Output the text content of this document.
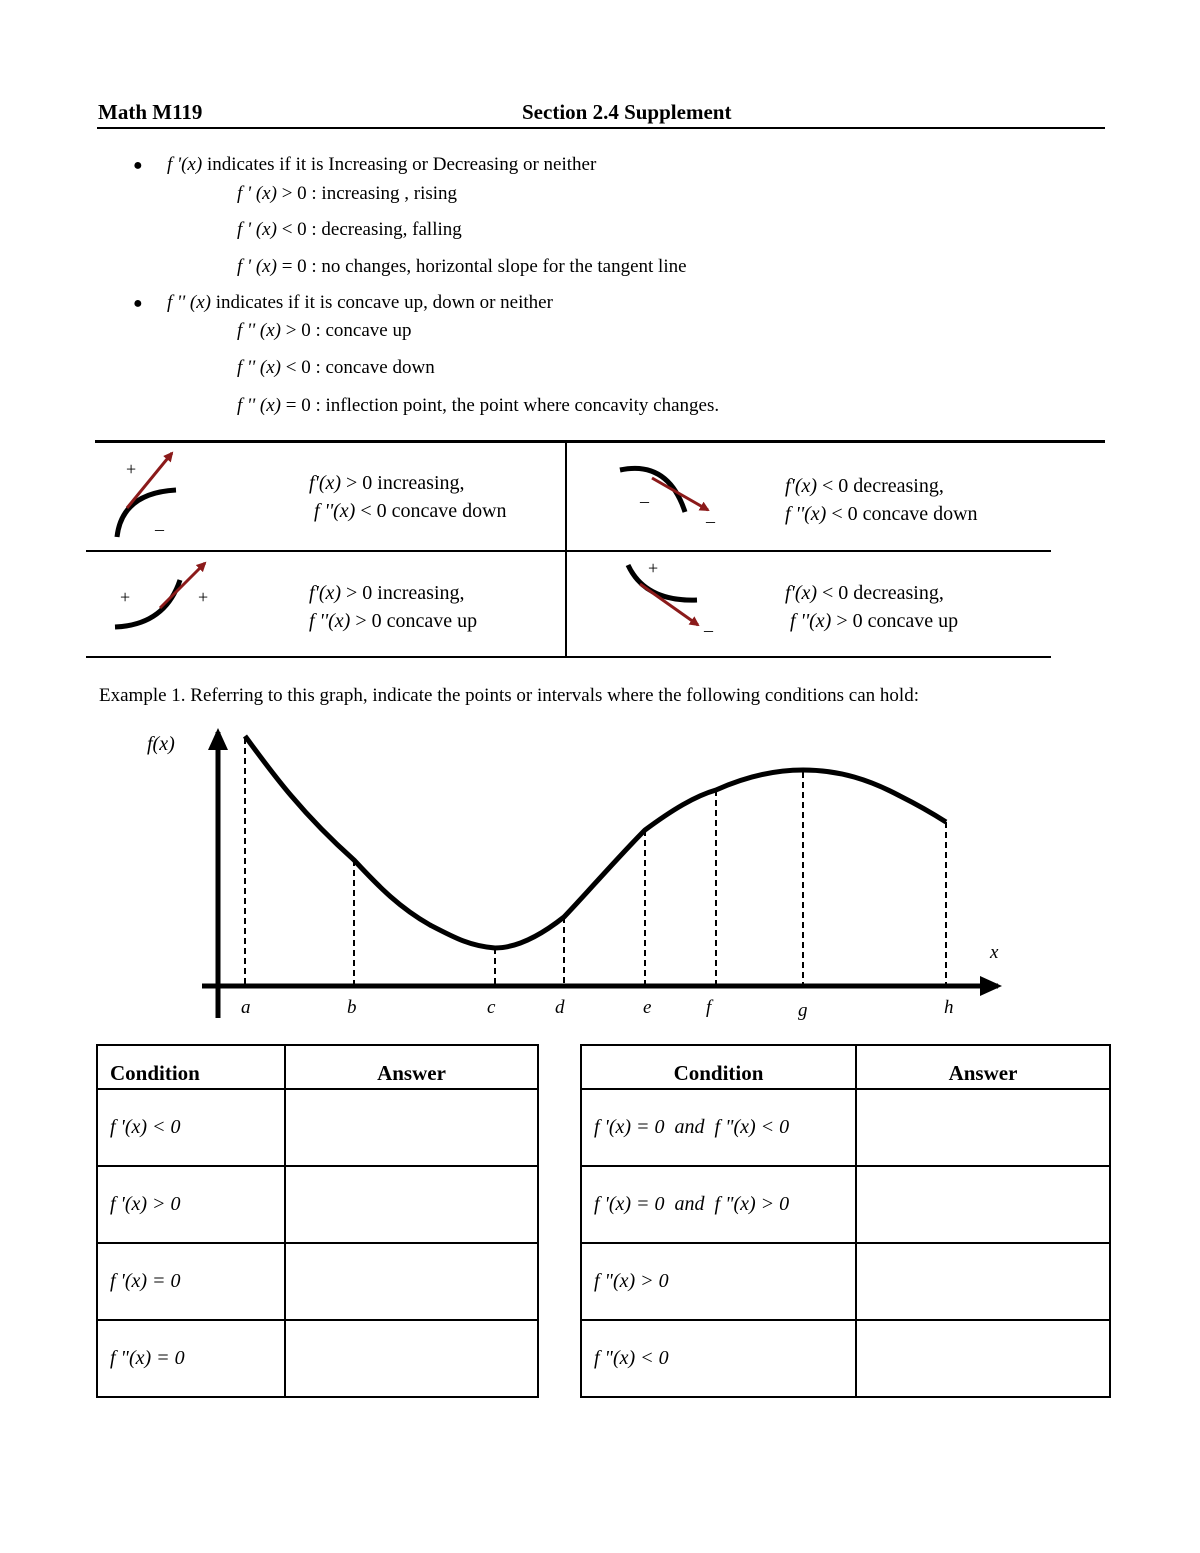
Math M119	Section 2.4 Supplement
● f '(x) indicates if it is Increasing or Decreasing or neither
f ' (x) > 0 : increasing , rising
f ' (x) < 0 : decreasing, falling
f ' (x) = 0 : no changes, horizontal slope for the tangent line
● f '' (x) indicates if it is concave up, down or neither
f '' (x) > 0 : concave up
f '' (x) < 0 : concave down
f '' (x) = 0 : inflection point, the point where concavity changes.
+
–
–
–
+	+
+
–
f'(x) > 0 increasing,
f ''(x) < 0 concave down
f'(x) < 0 decreasing,
f ''(x) < 0 concave down
f'(x) > 0 increasing,
f ''(x) > 0 concave up
f'(x) < 0 decreasing,
f ''(x) > 0 concave up
Example 1. Referring to this graph, indicate the points or intervals where the following conditions can hold:
f(x)
x
a	b	c	d	e	f	g	h
Condition	Answer
f '(x) < 0	
f '(x) > 0	
f '(x) = 0	
f "(x) = 0	
Condition	Answer
f '(x) = 0  and  f "(x) < 0	
f '(x) = 0  and  f "(x) > 0	
f "(x) > 0	
f "(x) < 0	
